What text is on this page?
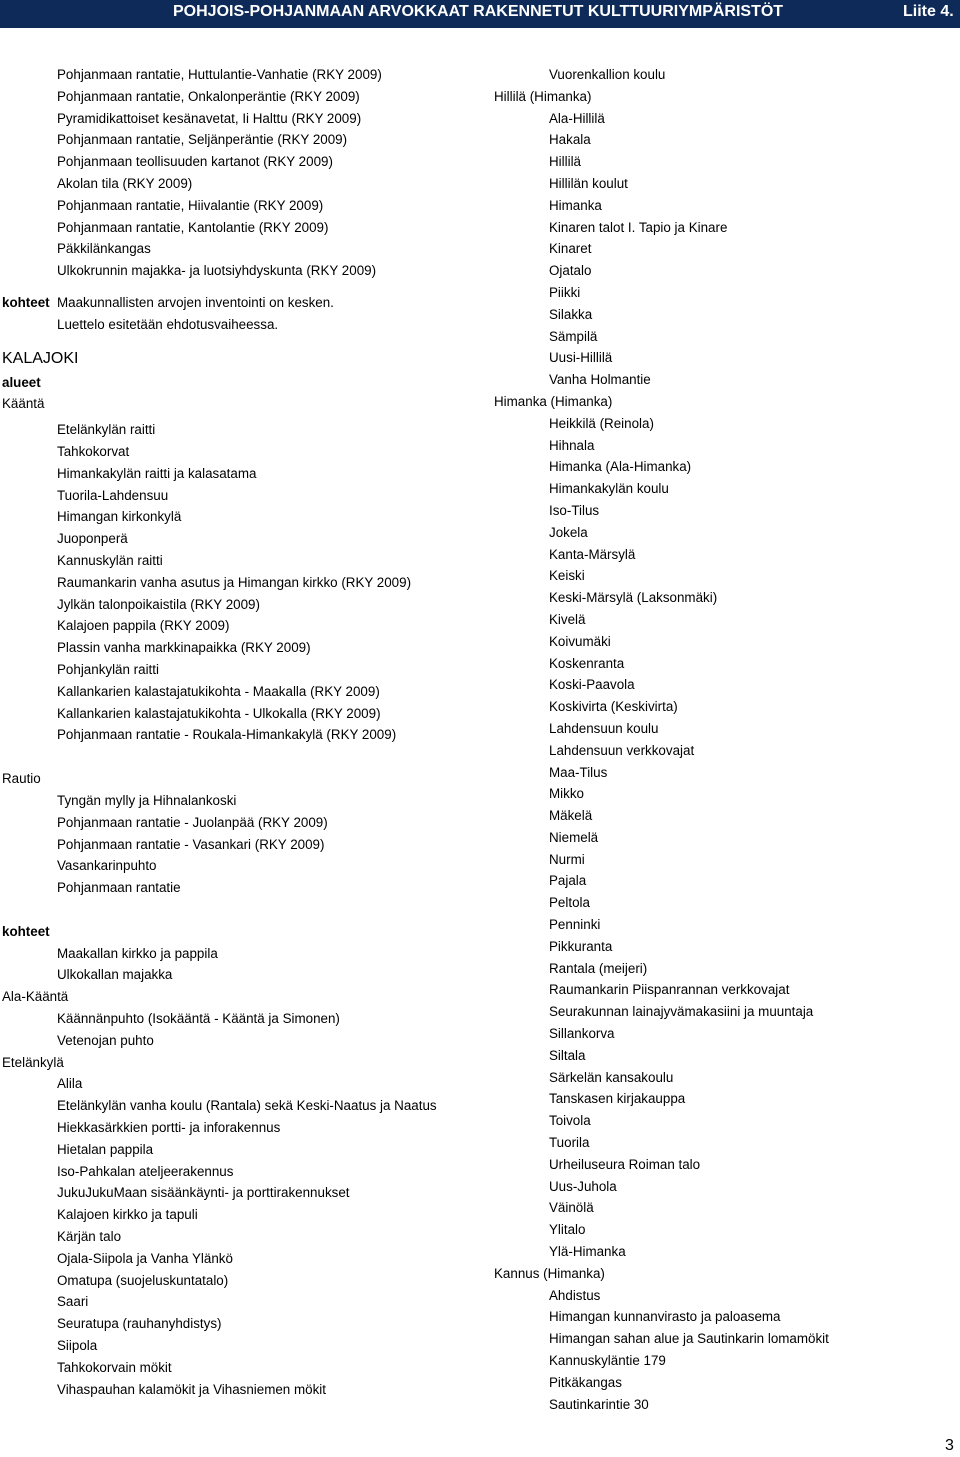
POHJOIS-POHJANMAAN ARVOKKAAT RAKENNETUT KULTTUURIYMPÄRISTÖT	Liite 4.
Pohjanmaan rantatie, Huttulantie-Vanhatie (RKY 2009)
Pohjanmaan rantatie, Onkalonperäntie (RKY 2009)
Pyramidikattoiset kesänavetat, Ii Halttu (RKY 2009)
Pohjanmaan rantatie, Seljänperäntie (RKY 2009)
Pohjanmaan teollisuuden kartanot (RKY 2009)
Akolan tila (RKY 2009)
Pohjanmaan rantatie, Hiivalantie (RKY 2009)
Pohjanmaan rantatie, Kantolantie (RKY 2009)
Päkkilänkangas
Ulkokrunnin majakka- ja luotsiyhdyskunta (RKY 2009)
kohteet Maakunnallisten arvojen inventointi on kesken.
Luettelo esitetään ehdotusvaiheessa.
KALAJOKI
alueet
Kääntä
Etelänkylän raitti
Tahkokorvat
Himankakylän raitti ja kalasatama
Tuorila-Lahdensuu
Himangan kirkonkylä
Juoponperä
Kannuskylän raitti
Raumankarin vanha asutus ja Himangan kirkko (RKY 2009)
Jylkän talonpoikaistila (RKY 2009)
Kalajoen pappila (RKY 2009)
Plassin vanha markkinapaikka (RKY 2009)
Pohjankylän raitti
Kallankarien kalastajatukikohta - Maakalla (RKY 2009)
Kallankarien kalastajatukikohta - Ulkokalla (RKY 2009)
Pohjanmaan rantatie - Roukala-Himankakylä (RKY 2009)
Rautio
Tyngän mylly ja Hihnalankoski
Pohjanmaan rantatie - Juolanpää (RKY 2009)
Pohjanmaan rantatie - Vasankari (RKY 2009)
Vasankarinpuhto
Pohjanmaan rantatie
kohteet
Maakallan kirkko ja pappila
Ulkokallan majakka
Ala-Kääntä
Käännänpuhto (Isokääntä - Kääntä ja Simonen)
Vetenojan puhto
Etelänkylä
Alila
Etelänkylän vanha koulu (Rantala) sekä Keski-Naatus ja Naatus
Hiekkasärkkien portti- ja inforakennus
Hietalan pappila
Iso-Pahkalan ateljeerakennus
JukuJukuMaan sisäänkäynti- ja porttirakennukset
Kalajoen kirkko ja tapuli
Kärjän talo
Ojala-Siipola ja Vanha Ylänkö
Omatupa (suojeluskuntatalo)
Saari
Seuratupa (rauhanyhdistys)
Siipola
Tahkokorvain mökit
Vihaspauhan kalamökit ja Vihasniemen mökit
Vuorenkallion koulu
Hillilä (Himanka)
Ala-Hillilä
Hakala
Hillilä
Hillilän koulut
Himanka
Kinaren talot I. Tapio ja Kinare
Kinaret
Ojatalo
Piikki
Silakka
Sämpilä
Uusi-Hillilä
Vanha Holmantie
Himanka (Himanka)
Heikkilä (Reinola)
Hihnala
Himanka (Ala-Himanka)
Himankakylän koulu
Iso-Tilus
Jokela
Kanta-Märsylä
Keiski
Keski-Märsylä (Laksonmäki)
Kivelä
Koivumäki
Koskenranta
Koski-Paavola
Koskivirta (Keskivirta)
Lahdensuun koulu
Lahdensuun verkkovajat
Maa-Tilus
Mikko
Mäkelä
Niemelä
Nurmi
Pajala
Peltola
Penninki
Pikkuranta
Rantala (meijeri)
Raumankarin Piispanrannan verkkovajat
Seurakunnan lainajyvämakasiini ja muuntaja
Sillankorva
Siltala
Särkelän kansakoulu
Tanskasen kirjakauppa
Toivola
Tuorila
Urheiluseura Roiman talo
Uus-Juhola
Väinölä
Ylitalo
Ylä-Himanka
Kannus (Himanka)
Ahdistus
Himangan kunnanvirasto ja paloasema
Himangan sahan alue ja Sautinkarin lomamökit
Kannuskyläntie 179
Pitkäkangas
Sautinkarintie 30
3
